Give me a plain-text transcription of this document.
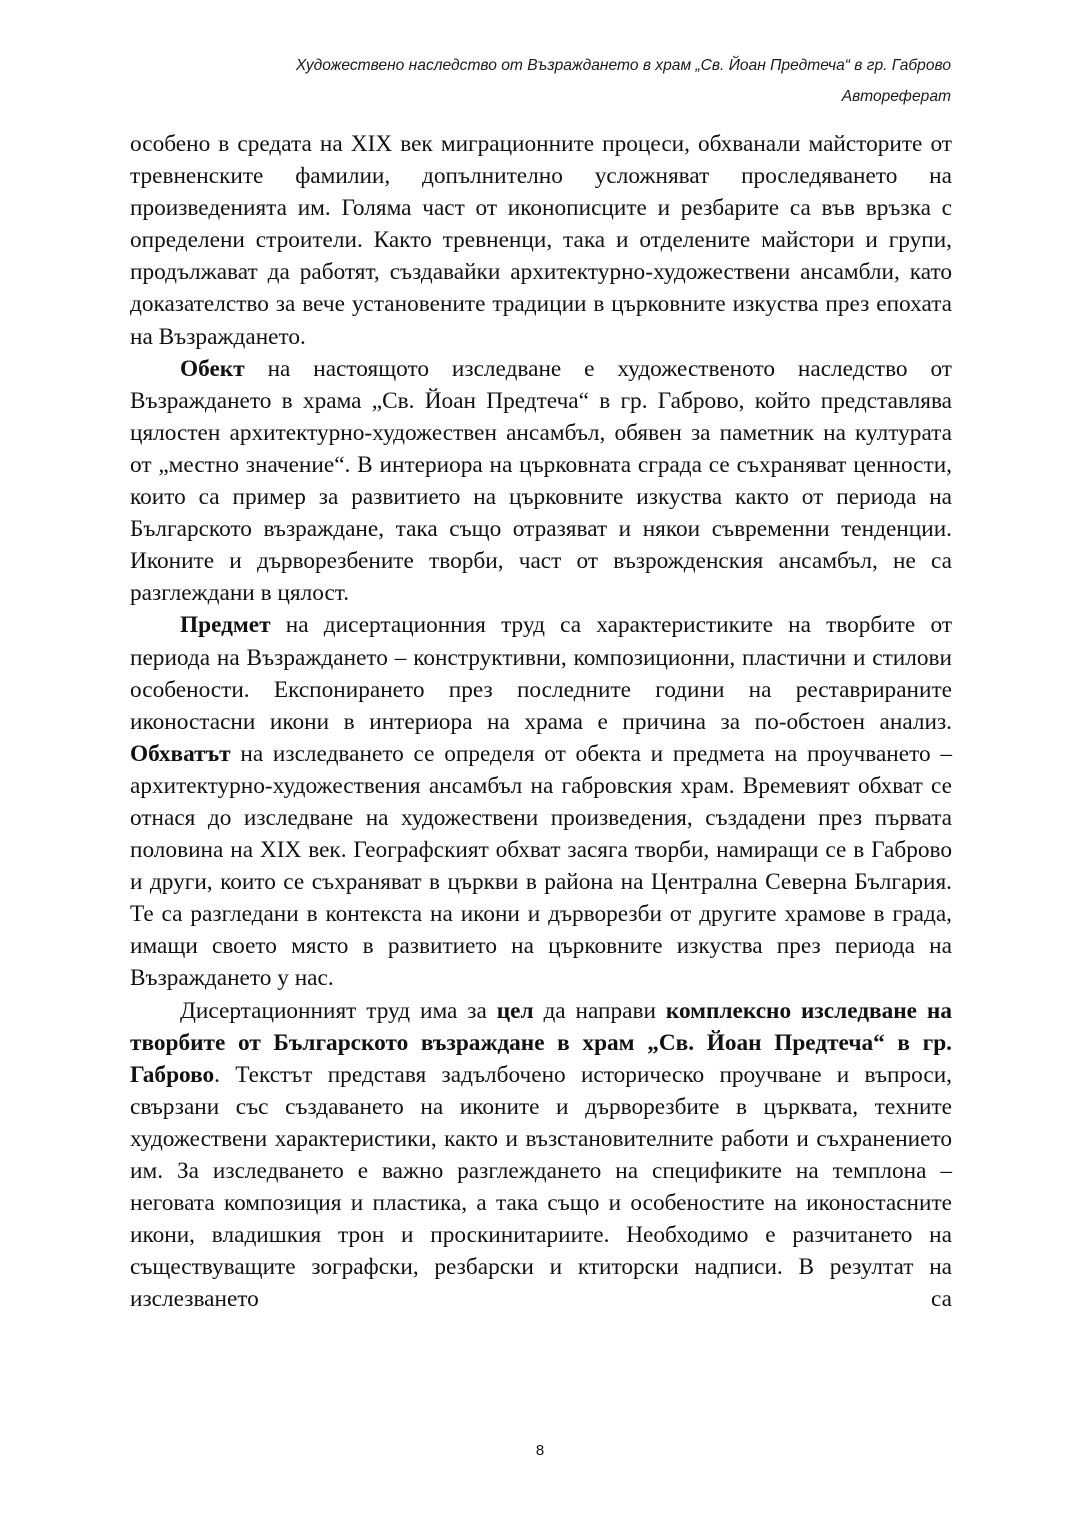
Художествено наследство от Възраждането в храм „Св. Йоан Предтеча“ в гр. Габрово
Автореферат

особено в средата на XIX век миграционните процеси, обхванали майсторите от тревненските фамилии, допълнително усложняват проследяването на произведенията им. Голяма част от иконописците и резбарите са във връзка с определени строители. Както тревненци, така и отделените майстори и групи, продължават да работят, създавайки архитектурно-художествени ансамбли, като доказателство за вече установените традиции в църковните изкуства през епохата на Възраждането.

Обект на настоящото изследване е художественото наследство от Възраждането в храма „Св. Йоан Предтеча“ в гр. Габрово, който представлява цялостен архитектурно-художествен ансамбъл, обявен за паметник на културата от „местно значение“. В интериора на църковната сграда се съхраняват ценности, които са пример за развитието на църковните изкуства както от периода на Българското възраждане, така също отразяват и някои съвременни тенденции. Иконите и дърворезбените творби, част от възрожденския ансамбъл, не са разглеждани в цялост.

Предмет на дисертационния труд са характеристиките на творбите от периода на Възраждането – конструктивни, композиционни, пластични и стилови особености. Експонирането през последните години на реставрираните иконостасни икони в интериора на храма е причина за по-обстоен анализ. Обхватът на изследването се определя от обекта и предмета на проучването – архитектурно-художествения ансамбъл на габровския храм. Времевият обхват се отнася до изследване на художествени произведения, създадени през първата половина на XIX век. Географският обхват засяга творби, намиращи се в Габрово и други, които се съхраняват в църкви в района на Централна Северна България. Те са разгледани в контекста на икони и дърворезби от другите храмове в града, имащи своето място в развитието на църковните изкуства през периода на Възраждането у нас.

Дисертационният труд има за цел да направи комплексно изследване на творбите от Българското възраждане в храм „Св. Йоан Предтеча“ в гр. Габрово. Текстът представя задълбочено историческо проучване и въпроси, свързани със създаването на иконите и дърворезбите в църквата, техните художествени характеристики, както и възстановителните работи и съхранението им. За изследването е важно разглеждането на спецификите на темплона – неговата композиция и пластика, а така също и особеностите на иконостасните икони, владишкия трон и проскинитариите. Необходимо е разчитането на съществуващите зографски, резбарски и ктиторски надписи. В резултат на изслезването са

8
